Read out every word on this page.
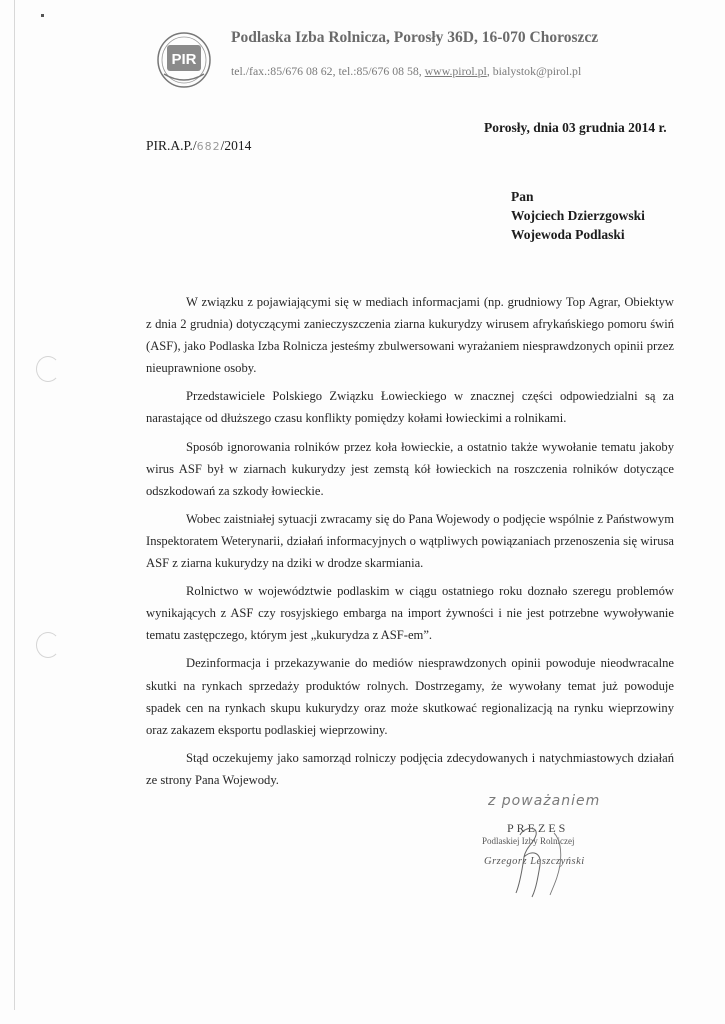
PIR
Podlaska Izba Rolnicza, Porosły 36D, 16-070 Choroszcz
tel./fax.:85/676 08 62, tel.:85/676 08 58, www.pirol.pl, bialystok@pirol.pl
PIR.A.P./682/2014
Porosły, dnia 03 grudnia 2014 r.
Pan
Wojciech Dzierzgowski
Wojewoda Podlaski

W związku z pojawiającymi się w mediach informacjami (np. grudniowy Top Agrar, Obiektyw z dnia 2 grudnia) dotyczącymi zanieczyszczenia ziarna kukurydzy wirusem afrykańskiego pomoru świń (ASF), jako Podlaska Izba Rolnicza jesteśmy zbulwersowani wyrażaniem niesprawdzonych opinii przez nieuprawnione osoby.

Przedstawiciele Polskiego Związku Łowieckiego w znacznej części odpowiedzialni są za narastające od dłuższego czasu konflikty pomiędzy kołami łowieckimi a rolnikami.

Sposób ignorowania rolników przez koła łowieckie, a ostatnio także wywołanie tematu jakoby wirus ASF był w ziarnach kukurydzy jest zemstą kół łowieckich na roszczenia rolników dotyczące odszkodowań za szkody łowieckie.

Wobec zaistniałej sytuacji zwracamy się do Pana Wojewody o podjęcie wspólnie z Państwowym Inspektoratem Weterynarii, działań informacyjnych o wątpliwych powiązaniach przenoszenia się wirusa ASF z ziarna kukurydzy na dziki w drodze skarmiania.

Rolnictwo w województwie podlaskim w ciągu ostatniego roku doznało szeregu problemów wynikających z ASF czy rosyjskiego embarga na import żywności i nie jest potrzebne wywoływanie tematu zastępczego, którym jest „kukurydza z ASF-em”.

Dezinformacja i przekazywanie do mediów niesprawdzonych opinii powoduje nieodwracalne skutki na rynkach sprzedaży produktów rolnych. Dostrzegamy, że wywołany temat już powoduje spadek cen na rynkach skupu kukurydzy oraz może skutkować regionalizacją na rynku wieprzowiny oraz zakazem eksportu podlaskiej wieprzowiny.

Stąd oczekujemy jako samorząd rolniczy podjęcia zdecydowanych i natychmiastowych działań ze strony Pana Wojewody.

z poważaniem
PREZES
Podlaskiej Izby Rolniczej
Grzegorz Leszczyński
